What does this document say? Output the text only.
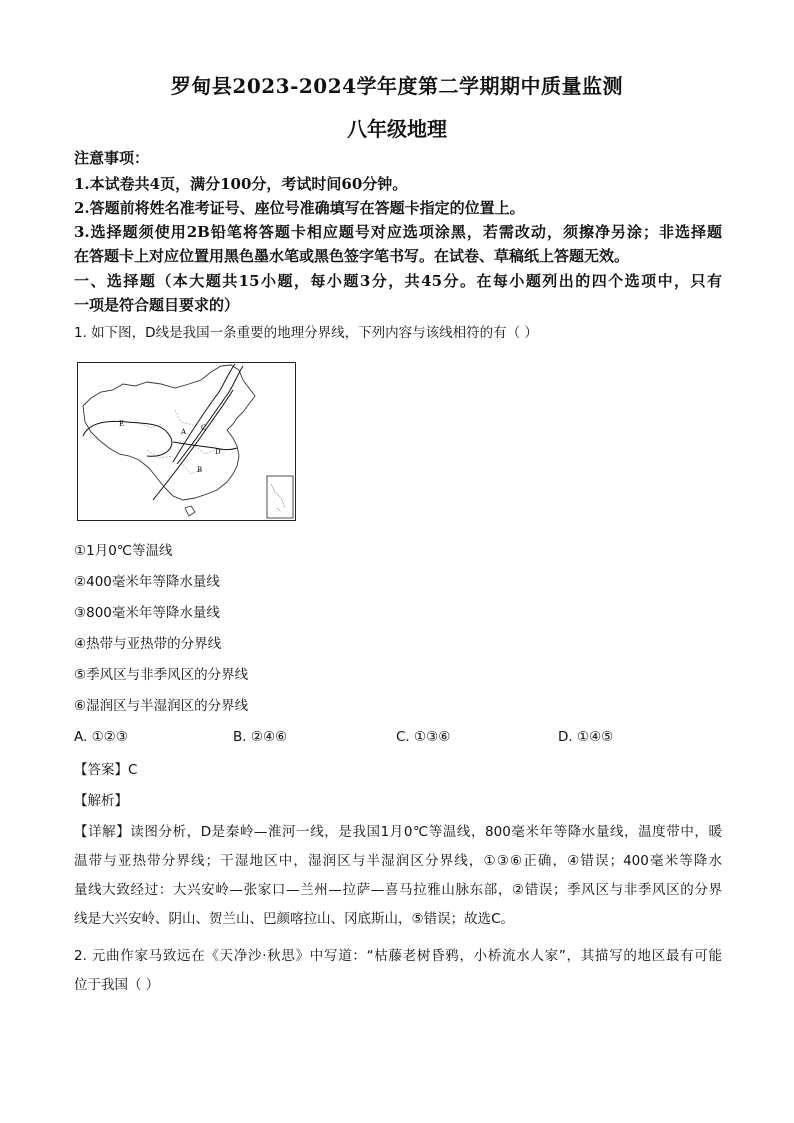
罗甸县2023-2024学年度第二学期期中质量监测
八年级地理
注意事项：
1.本试卷共4页，满分100分，考试时间60分钟。
2.答题前将姓名准考证号、座位号准确填写在答题卡指定的位置上。
3.选择题须使用2B铅笔将答题卡相应题号对应选项涂黑，若需改动，须擦净另涂；非选择题
在答题卡上对应位置用黑色墨水笔或黑色签字笔书写。在试卷、草稿纸上答题无效。
一、选择题（本大题共15小题，每小题3分，共45分。在每小题列出的四个选项中，只有
一项是符合题目要求的）
1. 如下图，D线是我国一条重要的地理分界线，下列内容与该线相符的有（ ）
E
A C
D
B
①1月0℃等温线
②400毫米年等降水量线
③800毫米年等降水量线
④热带与亚热带的分界线
⑤季风区与非季风区的分界线
⑥湿润区与半湿润区的分界线
A. ①②③	B. ②④⑥	C. ①③⑥	D. ①④⑤
【答案】C
【解析】
【详解】读图分析，D是秦岭—淮河一线，是我国1月0℃等温线，800毫米年等降水量线，温度带中，暖
温带与亚热带分界线；干湿地区中，湿润区与半湿润区分界线，①③⑥正确，④错误；400毫米等降水
量线大致经过：大兴安岭—张家口—兰州—拉萨—喜马拉雅山脉东部，②错误；季风区与非季风区的分界
线是大兴安岭、阴山、贺兰山、巴颜喀拉山、冈底斯山，⑤错误；故选C。
2. 元曲作家马致远在《天净沙·秋思》中写道：“枯藤老树昏鸦，小桥流水人家”，其描写的地区最有可能
位于我国（ ）
